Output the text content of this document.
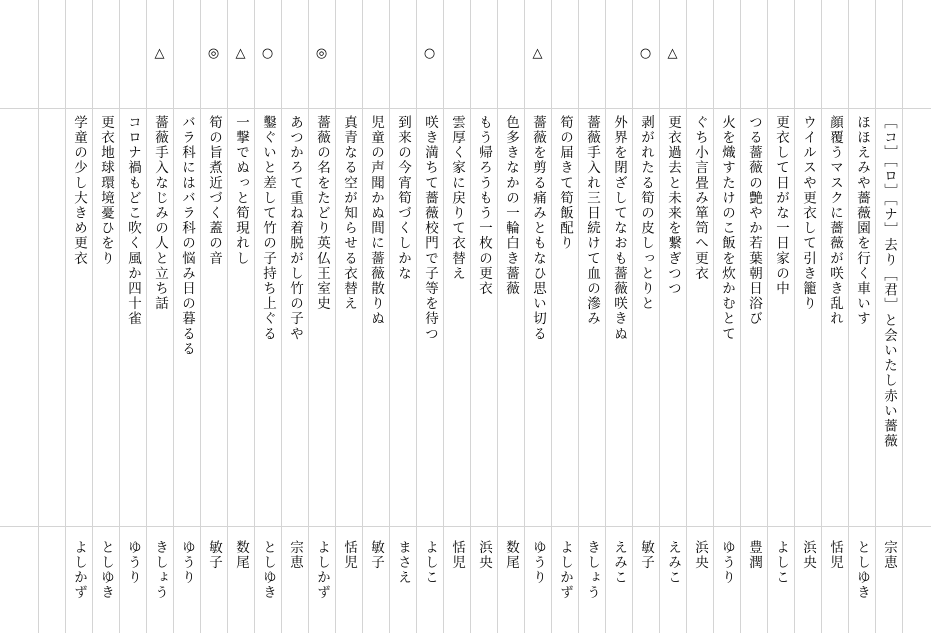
［コ］［ロ］［ナ］去り［君］と会いたし赤い薔薇
宗恵
ほほえみや薔薇園を行く車いす
としゆき
顔覆うマスクに薔薇が咲き乱れ
恬児
ウイルスや更衣して引き籠り
浜央
更衣して日がな一日家の中
よしこ
つる薔薇の艶やか若葉朝日浴び
豊潤
火を熾すたけのこ飯を炊かむとて
ゆうり
ぐち小言畳み箪笥へ更衣
浜央
△
更衣過去と未来を繋ぎつつ
えみこ
○
剥がれたる筍の皮しっとりと
敏子
外界を閉ざしてなおも薔薇咲きぬ
えみこ
薔薇手入れ三日続けて血の滲み
きしょう
筍の届きて筍飯配り
よしかず
△
薔薇を剪る痛みともなひ思い切る
ゆうり
色多きなかの一輪白き薔薇
数尾
もう帰ろうもう一枚の更衣
浜央
雲厚く家に戻りて衣替え
恬児
○
咲き満ちて薔薇校門で子等を待つ
よしこ
到来の今宵筍づくしかな
まさえ
児童の声聞かぬ間に薔薇散りぬ
敏子
真青なる空が知らせる衣替え
恬児
◎
薔薇の名をたどり英仏王室史
よしかず
あつかろて重ね着脱がし竹の子や
宗恵
○
鑿ぐいと差して竹の子持ち上ぐる
としゆき
△
一撃でぬっと筍現れし
数尾
◎
筍の旨煮近づく蓋の音
敏子
バラ科にはバラ科の悩み日の暮るる
ゆうり
△
薔薇手入なじみの人と立ち話
きしょう
コロナ禍もどこ吹く風か四十雀
ゆうり
更衣地球環境憂ひをり
としゆき
学童の少し大きめ更衣
よしかず
